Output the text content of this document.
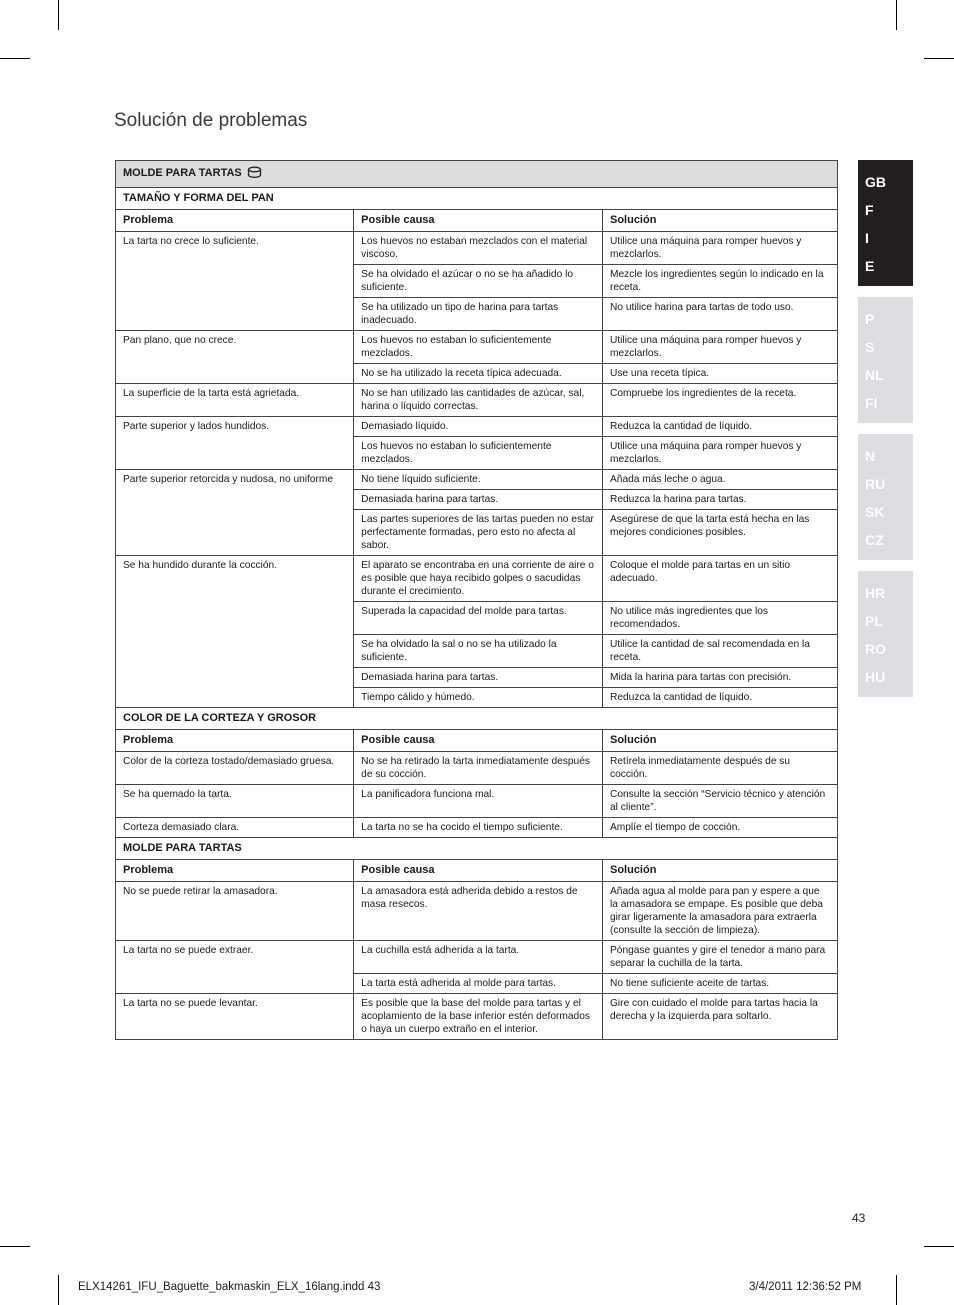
Solución de problemas
MOLDE PARA TARTAS		
TAMAÑO Y FORMA DEL PAN		
Problema	Posible causa	Solución
La tarta no crece lo suficiente.	Los huevos no estaban mezclados con el material viscoso.	Utilice una máquina para romper huevos y mezclarlos.
	Se ha olvidado el azúcar o no se ha añadido lo suficiente.	Mezcle los ingredientes según lo indicado en la receta.
	Se ha utilizado un tipo de harina para tartas inadecuado.	No utilice harina para tartas de todo uso.
Pan plano, que no crece.	Los huevos no estaban lo suficientemente mezclados.	Utilice una máquina para romper huevos y mezclarlos.
	No se ha utilizado la receta típica adecuada.	Use una receta típica.
La superficie de la tarta está agrietada.	No se han utilizado las cantidades de azúcar, sal, harina o líquido correctas.	Compruebe los ingredientes de la receta.
Parte superior y lados hundidos.	Demasiado líquido.	Reduzca la cantidad de líquido.
	Los huevos no estaban lo suficientemente mezclados.	Utilice una máquina para romper huevos y mezclarlos.
Parte superior retorcida y nudosa, no uniforme	No tiene líquido suficiente.	Añada más leche o agua.
	Demasiada harina para tartas.	Reduzca la harina para tartas.
	Las partes superiores de las tartas pueden no estar perfectamente formadas, pero esto no afecta al sabor.	Asegúrese de que la tarta está hecha en las mejores condiciones posibles.
Se ha hundido durante la cocción.	El aparato se encontraba en una corriente de aire o es posible que haya recibido golpes o sacudidas durante el crecimiento.	Coloque el molde para tartas en un sitio adecuado.
	Superada la capacidad del molde para tartas.	No utilice más ingredientes que los recomendados.
	Se ha olvidado la sal o no se ha utilizado la suficiente.	Utilice la cantidad de sal recomendada en la receta.
	Demasiada harina para tartas.	Mida la harina para tartas con precisión.
	Tiempo cálido y húmedo.	Reduzca la cantidad de líquido.
COLOR DE LA CORTEZA Y GROSOR		
Problema	Posible causa	Solución
Color de la corteza tostado/demasiado gruesa.	No se ha retirado la tarta inmediatamente después de su cocción.	Retírela inmediatamente después de su cocción.
Se ha quemado la tarta.	La panificadora funciona mal.	Consulte la sección “Servicio técnico y atención al cliente”.
Corteza demasiado clara.	La tarta no se ha cocido el tiempo suficiente.	Amplíe el tiempo de cocción.
MOLDE PARA TARTAS		
Problema	Posible causa	Solución
No se puede retirar la amasadora.	La amasadora está adherida debido a restos de masa resecos.	Añada agua al molde para pan y espere a que la amasadora se empape. Es posible que deba girar ligeramente la amasadora para extraerla (consulte la sección de limpieza).
La tarta no se puede extraer.	La cuchilla está adherida a la tarta.	Póngase guantes y gire el tenedor a mano para separar la cuchilla de la tarta.
	La tarta está adherida al molde para tartas.	No tiene suficiente aceite de tartas.
La tarta no se puede levantar.	Es posible que la base del molde para tartas y el acoplamiento de la base inferior estén deformados o haya un cuerpo extraño en el interior.	Gire con cuidado el molde para tartas hacia la derecha y la izquierda para soltarlo.
GB
F
I
E
P
S
NL
FI
N
RU
SK
CZ
HR
PL
RO
HU
43
ELX14261_IFU_Baguette_bakmaskin_ELX_16lang.indd 43	3/4/2011 12:36:52 PM
